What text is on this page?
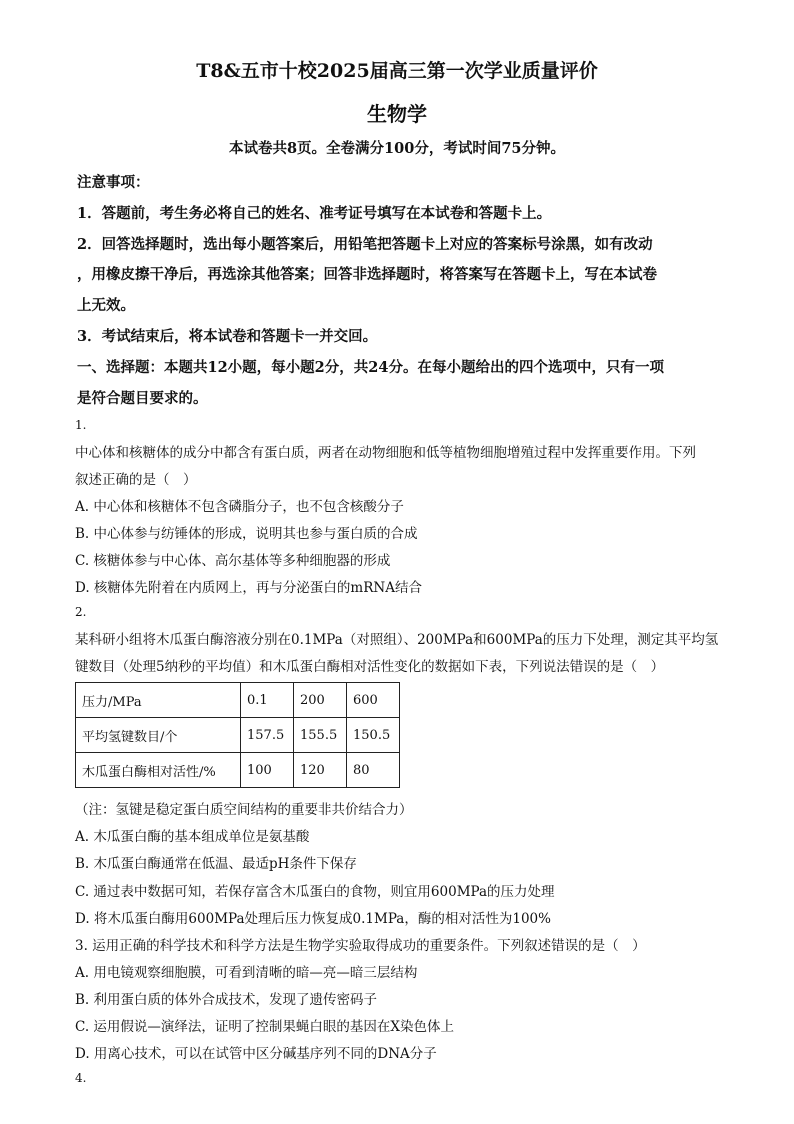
T8&五市十校2025届高三第一次学业质量评价
生物学
本试卷共8页。全卷满分100分，考试时间75分钟。
注意事项：
1．答题前，考生务必将自己的姓名、准考证号填写在本试卷和答题卡上。
2．回答选择题时，选出每小题答案后，用铅笔把答题卡上对应的答案标号涂黑，如有改动
，用橡皮擦干净后，再选涂其他答案；回答非选择题时，将答案写在答题卡上，写在本试卷
上无效。
3．考试结束后，将本试卷和答题卡一并交回。
一、选择题：本题共12小题，每小题2分，共24分。在每小题给出的四个选项中，只有一项
是符合题目要求的。
1.
中心体和核糖体的成分中都含有蛋白质，两者在动物细胞和低等植物细胞增殖过程中发挥重要作用。下列
叙述正确的是（　）
A. 中心体和核糖体不包含磷脂分子，也不包含核酸分子
B. 中心体参与纺锤体的形成，说明其也参与蛋白质的合成
C. 核糖体参与中心体、高尔基体等多种细胞器的形成
D. 核糖体先附着在内质网上，再与分泌蛋白的mRNA结合
2.
某科研小组将木瓜蛋白酶溶液分别在0.1MPa（对照组）、200MPa和600MPa的压力下处理，测定其平均氢
键数目（处理5纳秒的平均值）和木瓜蛋白酶相对活性变化的数据如下表，下列说法错误的是（　）
压力/MPa	0.1	200	600
平均氢键数目/个	157.5	155.5	150.5
木瓜蛋白酶相对活性/%	100	120	80
（注：氢键是稳定蛋白质空间结构的重要非共价结合力）
A. 木瓜蛋白酶的基本组成单位是氨基酸
B. 木瓜蛋白酶通常在低温、最适pH条件下保存
C. 通过表中数据可知，若保存富含木瓜蛋白的食物，则宜用600MPa的压力处理
D. 将木瓜蛋白酶用600MPa处理后压力恢复成0.1MPa，酶的相对活性为100%
3. 运用正确的科学技术和科学方法是生物学实验取得成功的重要条件。下列叙述错误的是（　）
A. 用电镜观察细胞膜，可看到清晰的暗—亮—暗三层结构
B. 利用蛋白质的体外合成技术，发现了遗传密码子
C. 运用假说—演绎法，证明了控制果蝇白眼的基因在X染色体上
D. 用离心技术，可以在试管中区分碱基序列不同的DNA分子
4.
